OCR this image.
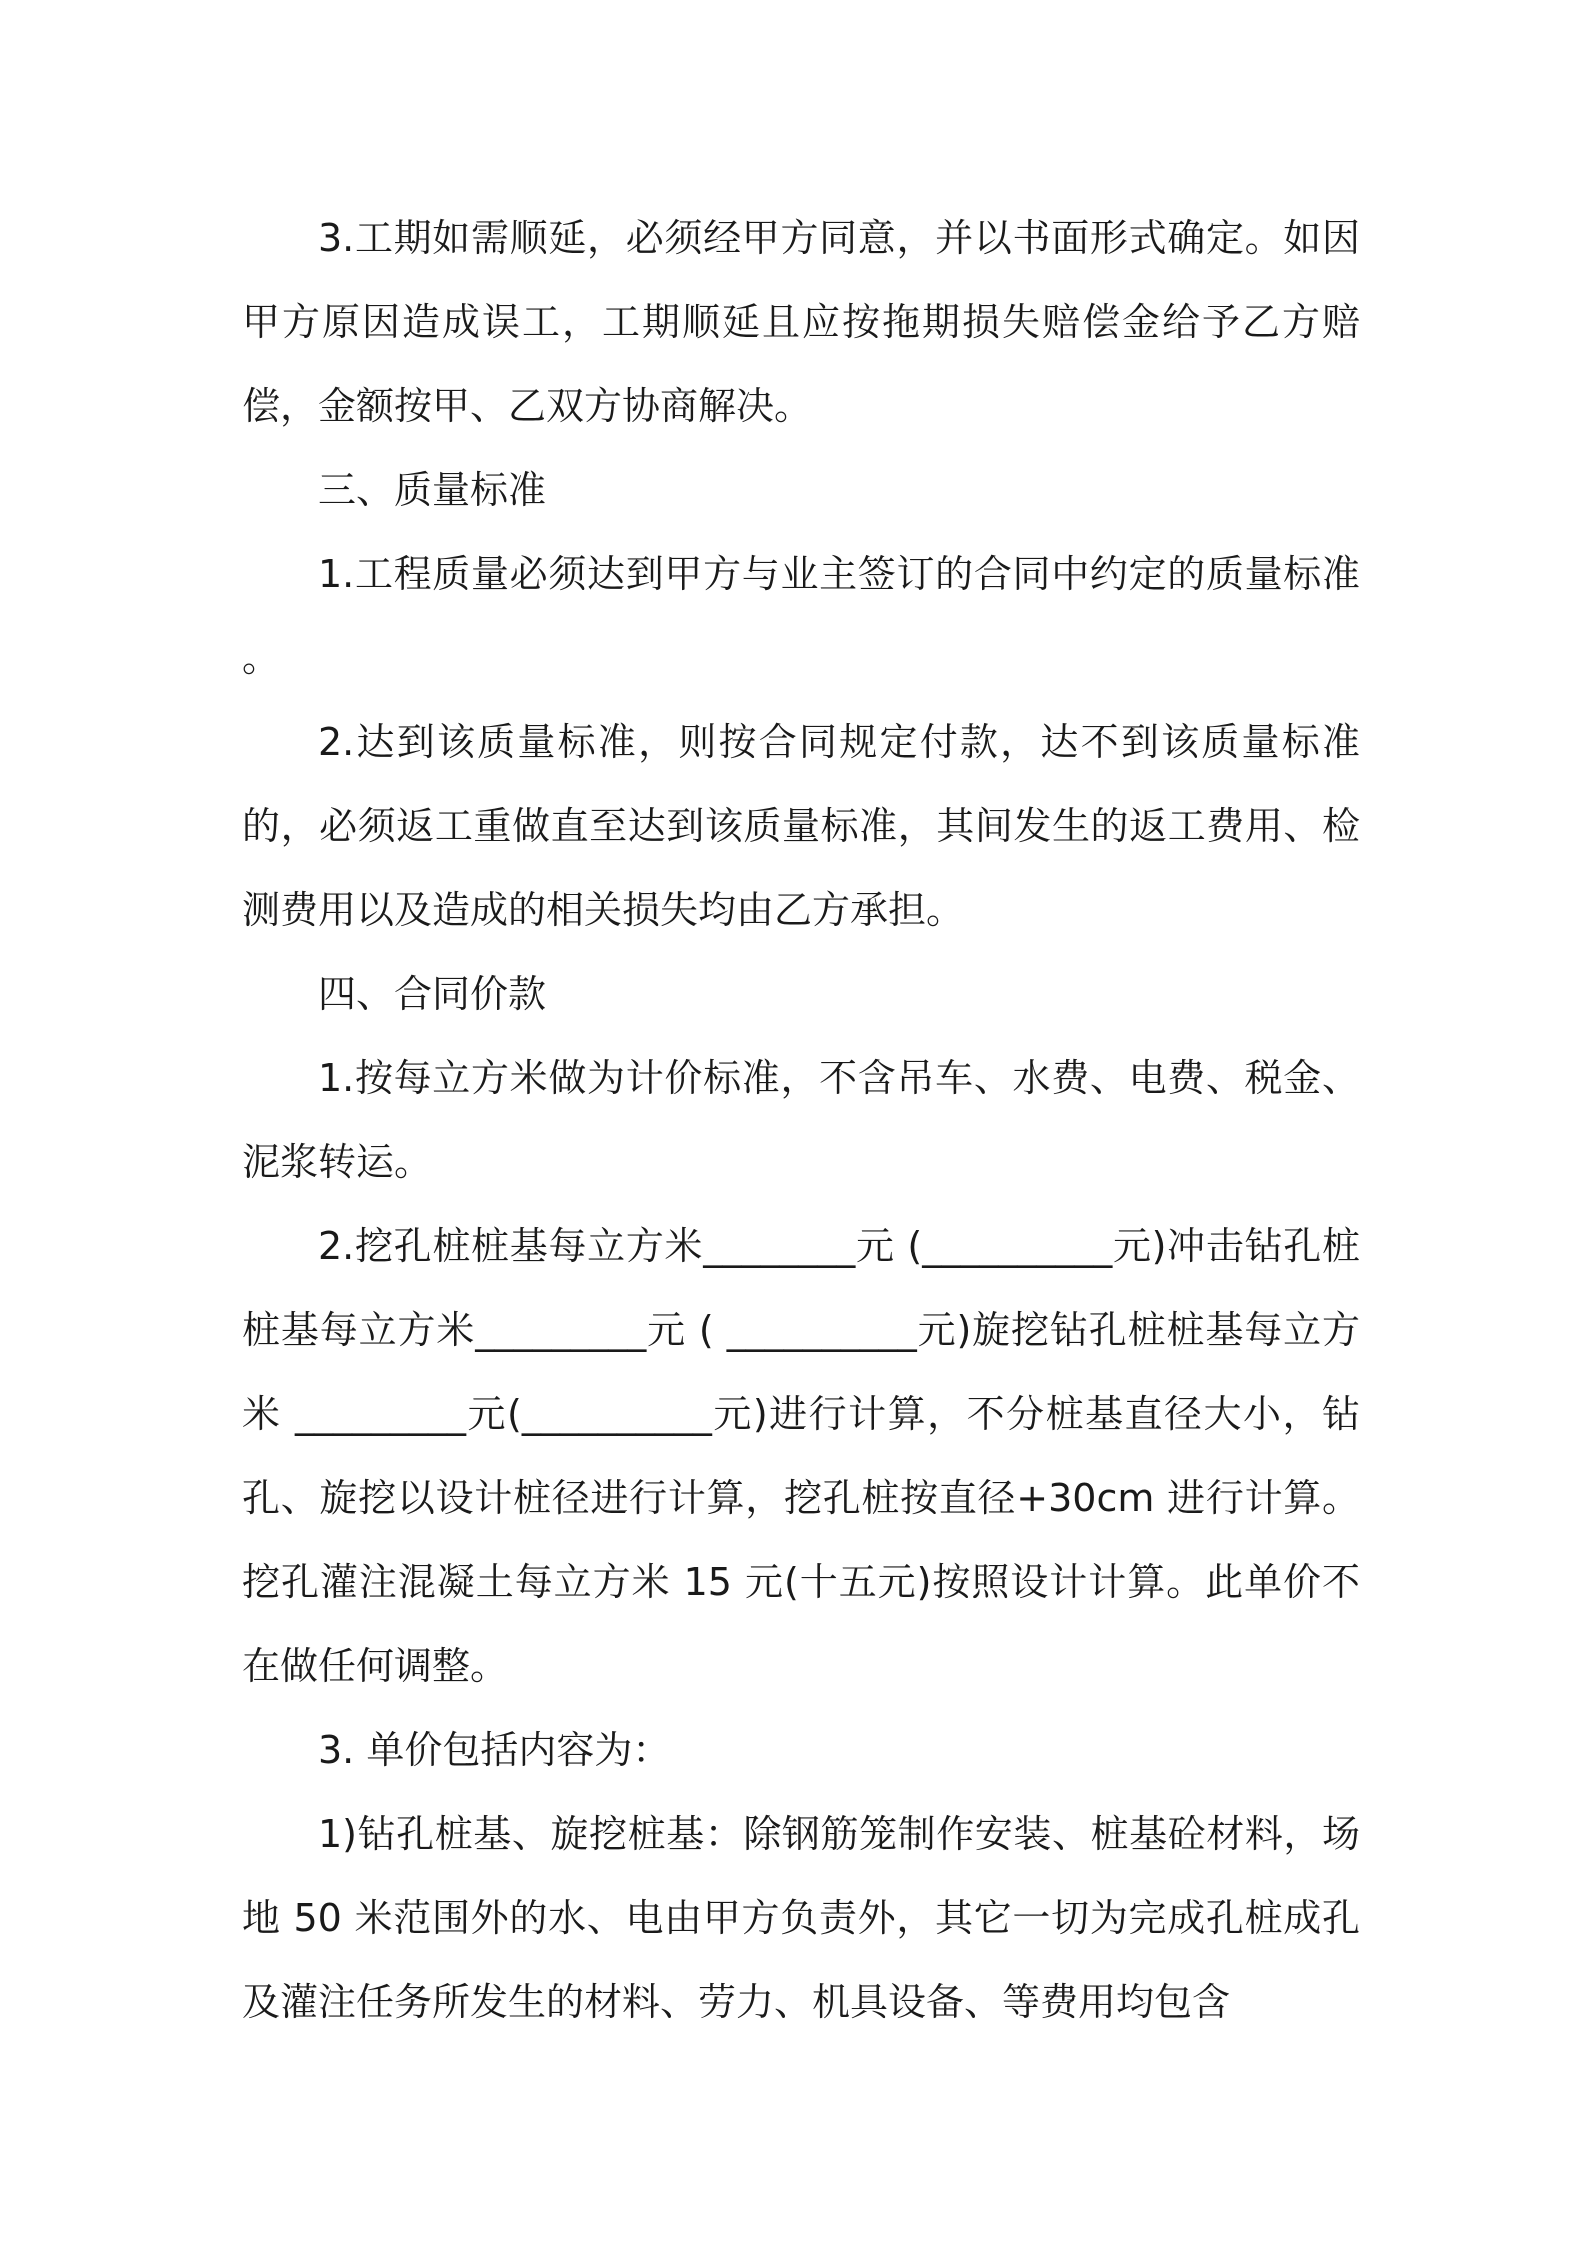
3.工期如需顺延，必须经甲方同意，并以书面形式确定。如因甲方原因造成误工，工期顺延且应按拖期损失赔偿金给予乙方赔偿，金额按甲、乙双方协商解决。

三、质量标准

1.工程质量必须达到甲方与业主签订的合同中约定的质量标准 。

2.达到该质量标准，则按合同规定付款，达不到该质量标准的，必须返工重做直至达到该质量标准，其间发生的返工费用、检测费用以及造成的相关损失均由乙方承担。

四、合同价款

1.按每立方米做为计价标准，不含吊车、水费、电费、税金、泥浆转运。

2.挖孔桩桩基每立方米________元 (__________元)冲击钻孔桩桩基每立方米_________元 ( __________元)旋挖钻孔桩桩基每立方米 _________元(__________元)进行计算，不分桩基直径大小，钻孔、旋挖以设计桩径进行计算，挖孔桩按直径+30cm 进行计算。挖孔灌注混凝土每立方米 15 元(十五元)按照设计计算。此单价不在做任何调整。

3. 单价包括内容为：

1)钻孔桩基、旋挖桩基：除钢筋笼制作安装、桩基砼材料，场地 50 米范围外的水、电由甲方负责外，其它一切为完成孔桩成孔及灌注任务所发生的材料、劳力、机具设备、等费用均包含
